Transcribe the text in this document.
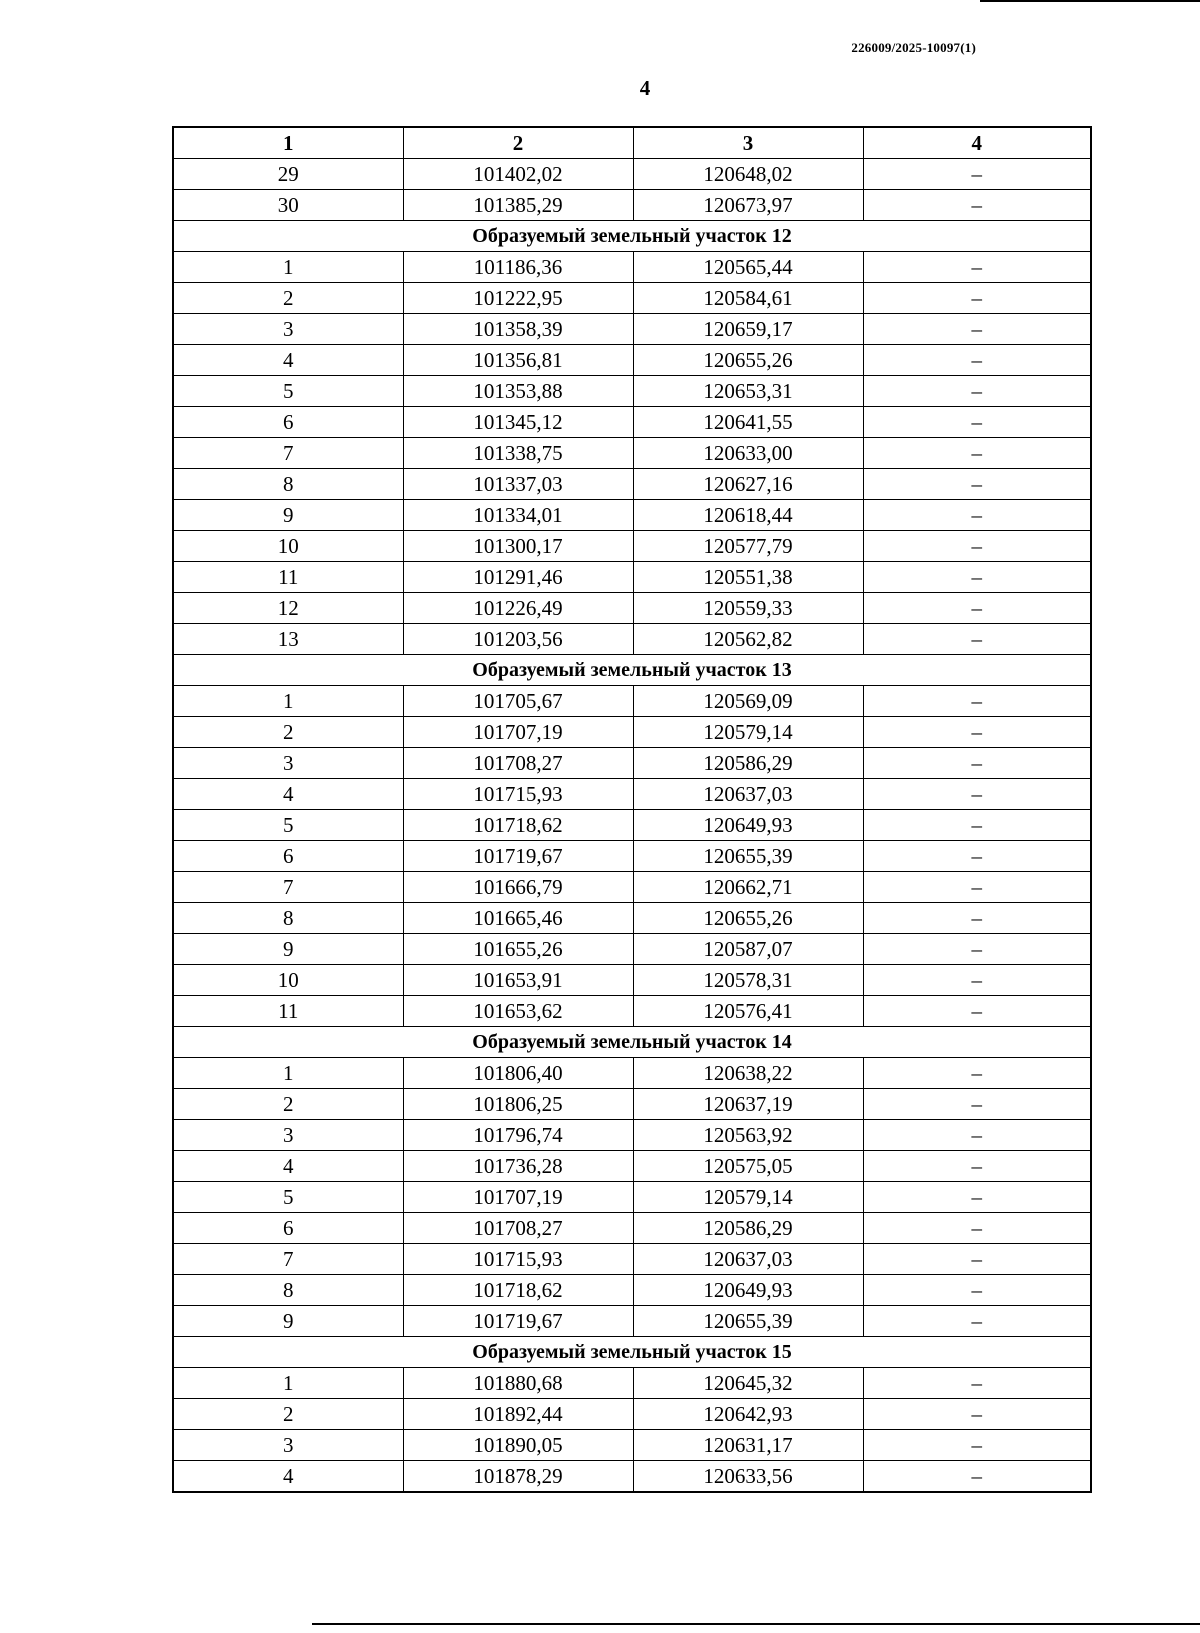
226009/2025-10097(1)
4
1	2	3	4
29	101402,02	120648,02	–
30	101385,29	120673,97	–
Образуемый земельный участок 12			
1	101186,36	120565,44	–
2	101222,95	120584,61	–
3	101358,39	120659,17	–
4	101356,81	120655,26	–
5	101353,88	120653,31	–
6	101345,12	120641,55	–
7	101338,75	120633,00	–
8	101337,03	120627,16	–
9	101334,01	120618,44	–
10	101300,17	120577,79	–
11	101291,46	120551,38	–
12	101226,49	120559,33	–
13	101203,56	120562,82	–
Образуемый земельный участок 13			
1	101705,67	120569,09	–
2	101707,19	120579,14	–
3	101708,27	120586,29	–
4	101715,93	120637,03	–
5	101718,62	120649,93	–
6	101719,67	120655,39	–
7	101666,79	120662,71	–
8	101665,46	120655,26	–
9	101655,26	120587,07	–
10	101653,91	120578,31	–
11	101653,62	120576,41	–
Образуемый земельный участок 14			
1	101806,40	120638,22	–
2	101806,25	120637,19	–
3	101796,74	120563,92	–
4	101736,28	120575,05	–
5	101707,19	120579,14	–
6	101708,27	120586,29	–
7	101715,93	120637,03	–
8	101718,62	120649,93	–
9	101719,67	120655,39	–
Образуемый земельный участок 15			
1	101880,68	120645,32	–
2	101892,44	120642,93	–
3	101890,05	120631,17	–
4	101878,29	120633,56	–
